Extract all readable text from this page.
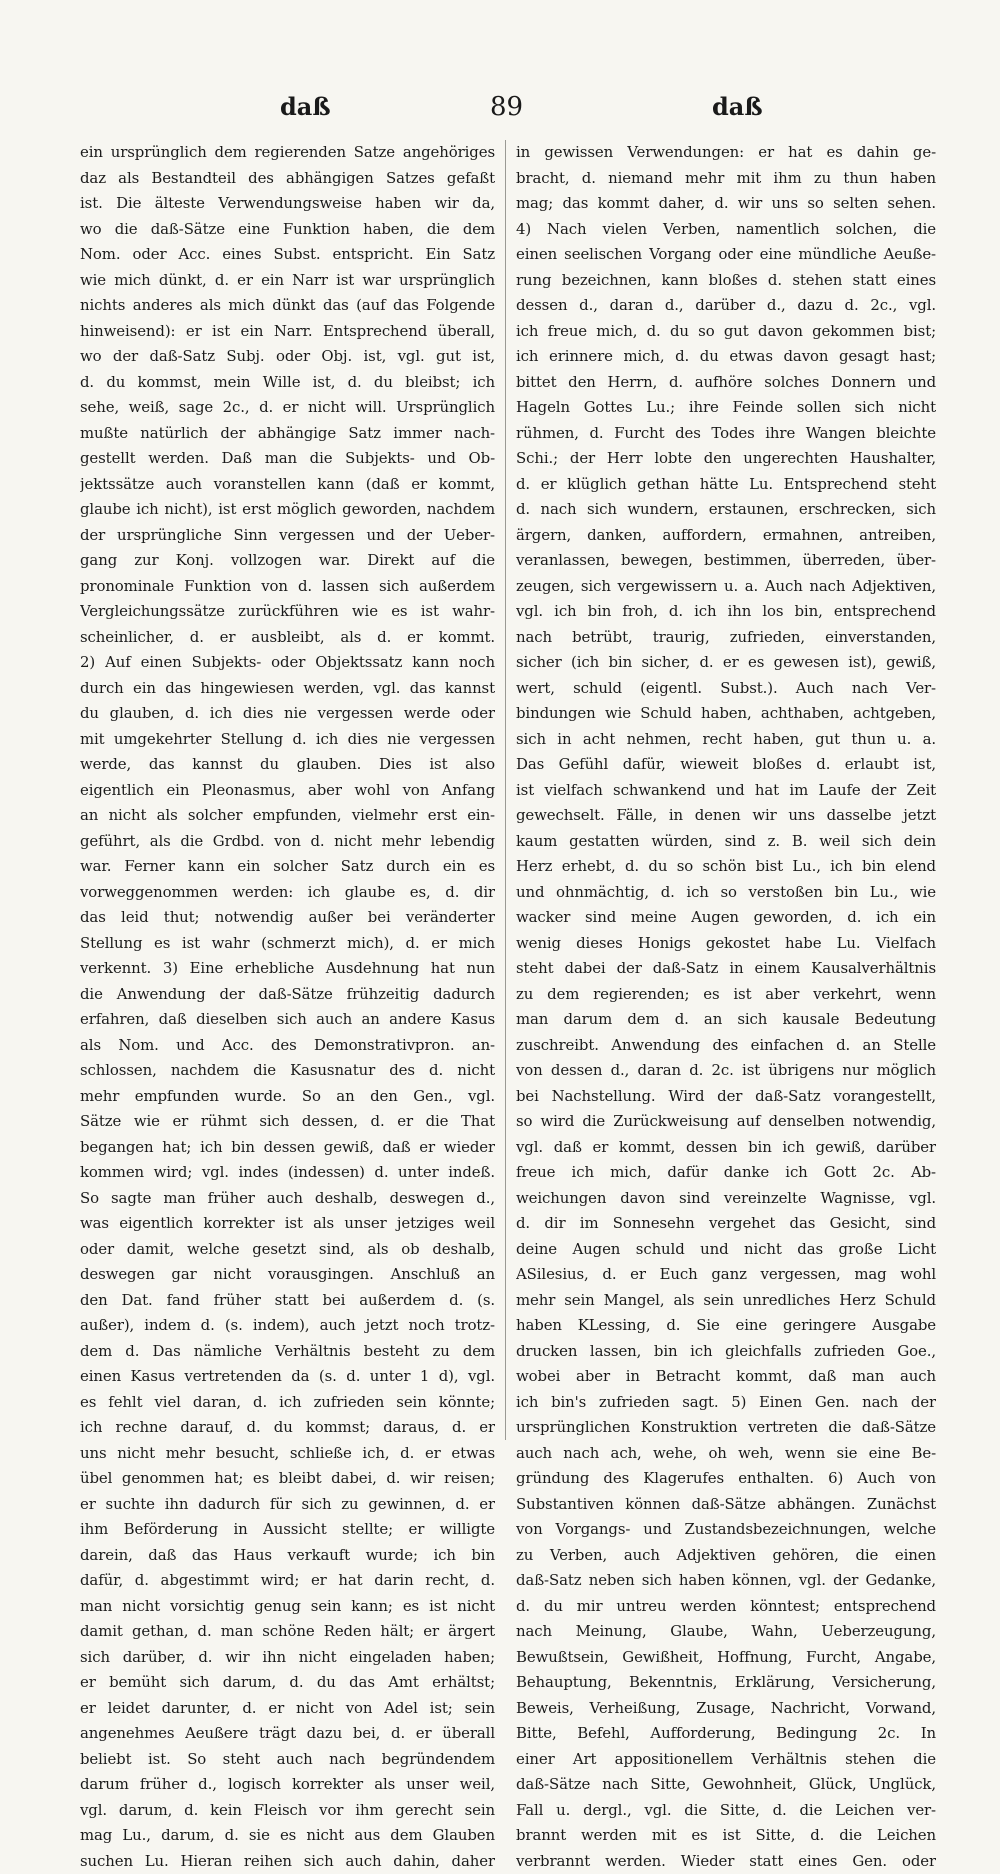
daß	89	daß
ein ursprünglich dem regierenden Satze angehöriges
daz als Bestandteil des abhängigen Satzes gefaßt
ist. Die älteste Verwendungsweise haben wir da,
wo die daß-Sätze eine Funktion haben, die dem
Nom. oder Acc. eines Subst. entspricht. Ein Satz
wie mich dünkt, d. er ein Narr ist war ursprünglich
nichts anderes als mich dünkt das (auf das Folgende
hinweisend): er ist ein Narr. Entsprechend überall,
wo der daß-Satz Subj. oder Obj. ist, vgl. gut ist,
d. du kommst, mein Wille ist, d. du bleibst; ich
sehe, weiß, sage 2c., d. er nicht will. Ursprünglich
mußte natürlich der abhängige Satz immer nach-
gestellt werden. Daß man die Subjekts- und Ob-
jektssätze auch voranstellen kann (daß er kommt,
glaube ich nicht), ist erst möglich geworden, nachdem
der ursprüngliche Sinn vergessen und der Ueber-
gang zur Konj. vollzogen war. Direkt auf die
pronominale Funktion von d. lassen sich außerdem
Vergleichungssätze zurückführen wie es ist wahr-
scheinlicher, d. er ausbleibt, als d. er kommt.
2) Auf einen Subjekts- oder Objektssatz kann noch
durch ein das hingewiesen werden, vgl. das kannst
du glauben, d. ich dies nie vergessen werde oder
mit umgekehrter Stellung d. ich dies nie vergessen
werde, das kannst du glauben. Dies ist also
eigentlich ein Pleonasmus, aber wohl von Anfang
an nicht als solcher empfunden, vielmehr erst ein-
geführt, als die Grdbd. von d. nicht mehr lebendig
war. Ferner kann ein solcher Satz durch ein es
vorweggenommen werden: ich glaube es, d. dir
das leid thut; notwendig außer bei veränderter
Stellung es ist wahr (schmerzt mich), d. er mich
verkennt. 3) Eine erhebliche Ausdehnung hat nun
die Anwendung der daß-Sätze frühzeitig dadurch
erfahren, daß dieselben sich auch an andere Kasus
als Nom. und Acc. des Demonstrativpron. an-
schlossen, nachdem die Kasusnatur des d. nicht
mehr empfunden wurde. So an den Gen., vgl.
Sätze wie er rühmt sich dessen, d. er die That
begangen hat; ich bin dessen gewiß, daß er wieder
kommen wird; vgl. indes (indessen) d. unter indeß.
So sagte man früher auch deshalb, deswegen d.,
was eigentlich korrekter ist als unser jetziges weil
oder damit, welche gesetzt sind, als ob deshalb,
deswegen gar nicht vorausgingen. Anschluß an
den Dat. fand früher statt bei außerdem d. (s.
außer), indem d. (s. indem), auch jetzt noch trotz-
dem d. Das nämliche Verhältnis besteht zu dem
einen Kasus vertretenden da (s. d. unter 1 d), vgl.
es fehlt viel daran, d. ich zufrieden sein könnte;
ich rechne darauf, d. du kommst; daraus, d. er
uns nicht mehr besucht, schließe ich, d. er etwas
übel genommen hat; es bleibt dabei, d. wir reisen;
er suchte ihn dadurch für sich zu gewinnen, d. er
ihm Beförderung in Aussicht stellte; er willigte
darein, daß das Haus verkauft wurde; ich bin
dafür, d. abgestimmt wird; er hat darin recht, d.
man nicht vorsichtig genug sein kann; es ist nicht
damit gethan, d. man schöne Reden hält; er ärgert
sich darüber, d. wir ihn nicht eingeladen haben;
er bemüht sich darum, d. du das Amt erhältst;
er leidet darunter, d. er nicht von Adel ist; sein
angenehmes Aeußere trägt dazu bei, d. er überall
beliebt ist. So steht auch nach begründendem
darum früher d., logisch korrekter als unser weil,
vgl. darum, d. kein Fleisch vor ihm gerecht sein
mag Lu., darum, d. sie es nicht aus dem Glauben
suchen Lu. Hieran reihen sich auch dahin, daher
in gewissen Verwendungen: er hat es dahin ge-
bracht, d. niemand mehr mit ihm zu thun haben
mag; das kommt daher, d. wir uns so selten sehen.
4) Nach vielen Verben, namentlich solchen, die
einen seelischen Vorgang oder eine mündliche Aeuße-
rung bezeichnen, kann bloßes d. stehen statt eines
dessen d., daran d., darüber d., dazu d. 2c., vgl.
ich freue mich, d. du so gut davon gekommen bist;
ich erinnere mich, d. du etwas davon gesagt hast;
bittet den Herrn, d. aufhöre solches Donnern und
Hageln Gottes Lu.; ihre Feinde sollen sich nicht
rühmen, d. Furcht des Todes ihre Wangen bleichte
Schi.; der Herr lobte den ungerechten Haushalter,
d. er klüglich gethan hätte Lu. Entsprechend steht
d. nach sich wundern, erstaunen, erschrecken, sich
ärgern, danken, auffordern, ermahnen, antreiben,
veranlassen, bewegen, bestimmen, überreden, über-
zeugen, sich vergewissern u. a. Auch nach Adjektiven,
vgl. ich bin froh, d. ich ihn los bin, entsprechend
nach betrübt, traurig, zufrieden, einverstanden,
sicher (ich bin sicher, d. er es gewesen ist), gewiß,
wert, schuld (eigentl. Subst.). Auch nach Ver-
bindungen wie Schuld haben, achthaben, achtgeben,
sich in acht nehmen, recht haben, gut thun u. a.
Das Gefühl dafür, wieweit bloßes d. erlaubt ist,
ist vielfach schwankend und hat im Laufe der Zeit
gewechselt. Fälle, in denen wir uns dasselbe jetzt
kaum gestatten würden, sind z. B. weil sich dein
Herz erhebt, d. du so schön bist Lu., ich bin elend
und ohnmächtig, d. ich so verstoßen bin Lu., wie
wacker sind meine Augen geworden, d. ich ein
wenig dieses Honigs gekostet habe Lu. Vielfach
steht dabei der daß-Satz in einem Kausalverhältnis
zu dem regierenden; es ist aber verkehrt, wenn
man darum dem d. an sich kausale Bedeutung
zuschreibt. Anwendung des einfachen d. an Stelle
von dessen d., daran d. 2c. ist übrigens nur möglich
bei Nachstellung. Wird der daß-Satz vorangestellt,
so wird die Zurückweisung auf denselben notwendig,
vgl. daß er kommt, dessen bin ich gewiß, darüber
freue ich mich, dafür danke ich Gott 2c. Ab-
weichungen davon sind vereinzelte Wagnisse, vgl.
d. dir im Sonnesehn vergehet das Gesicht, sind
deine Augen schuld und nicht das große Licht
ASilesius, d. er Euch ganz vergessen, mag wohl
mehr sein Mangel, als sein unredliches Herz Schuld
haben KLessing, d. Sie eine geringere Ausgabe
drucken lassen, bin ich gleichfalls zufrieden Goe.,
wobei aber in Betracht kommt, daß man auch
ich bin's zufrieden sagt. 5) Einen Gen. nach der
ursprünglichen Konstruktion vertreten die daß-Sätze
auch nach ach, wehe, oh weh, wenn sie eine Be-
gründung des Klagerufes enthalten. 6) Auch von
Substantiven können daß-Sätze abhängen. Zunächst
von Vorgangs- und Zustandsbezeichnungen, welche
zu Verben, auch Adjektiven gehören, die einen
daß-Satz neben sich haben können, vgl. der Gedanke,
d. du mir untreu werden könntest; entsprechend
nach Meinung, Glaube, Wahn, Ueberzeugung,
Bewußtsein, Gewißheit, Hoffnung, Furcht, Angabe,
Behauptung, Bekenntnis, Erklärung, Versicherung,
Beweis, Verheißung, Zusage, Nachricht, Vorwand,
Bitte, Befehl, Aufforderung, Bedingung 2c. In
einer Art appositionellem Verhältnis stehen die
daß-Sätze nach Sitte, Gewohnheit, Glück, Unglück,
Fall u. dergl., vgl. die Sitte, d. die Leichen ver-
brannt werden mit es ist Sitte, d. die Leichen
verbrannt werden. Wieder statt eines Gen. oder
